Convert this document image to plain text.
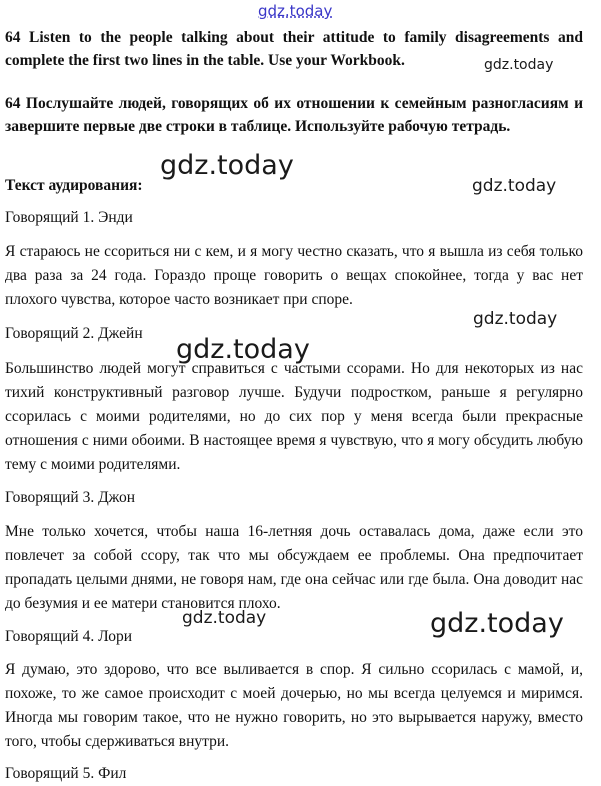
64 Listen to the people talking about their attitude to family disagreements and complete the first two lines in the table. Use your Workbook.

64 Послушайте людей, говорящих об их отношении к семейным разногласиям и завершите первые две строки в таблице. Используйте рабочую тетрадь.

Текст аудирования:

Говорящий 1. Энди

Я стараюсь не ссориться ни с кем, и я могу честно сказать, что я вышла из себя только два раза за 24 года. Гораздо проще говорить о вещах спокойнее, тогда у вас нет плохого чувства, которое часто возникает при споре.

Говорящий 2. Джейн

Большинство людей могут справиться с частыми ссорами. Но для некоторых из нас тихий конструктивный разговор лучше. Будучи подростком, раньше я регулярно ссорилась с моими родителями, но до сих пор у меня всегда были прекрасные отношения с ними обоими. В настоящее время я чувствую, что я могу обсудить любую тему с моими родителями.

Говорящий 3. Джон

Мне только хочется, чтобы наша 16-летняя дочь оставалась дома, даже если это повлечет за собой ссору, так что мы обсуждаем ее проблемы. Она предпочитает пропадать целыми днями, не говоря нам, где она сейчас или где была. Она доводит нас до безумия и ее матери становится плохо.

Говорящий 4. Лори

Я думаю, это здорово, что все выливается в спор. Я сильно ссорилась с мамой, и, похоже, то же самое происходит с моей дочерью, но мы всегда целуемся и миримся. Иногда мы говорим такое, что не нужно говорить, но это вырывается наружу, вместо того, чтобы сдерживаться внутри.

Говорящий 5. Фил

gdz.today
gdz.today
gdz.today
gdz.today
gdz.today
gdz.today
gdz.today	gdz.today
